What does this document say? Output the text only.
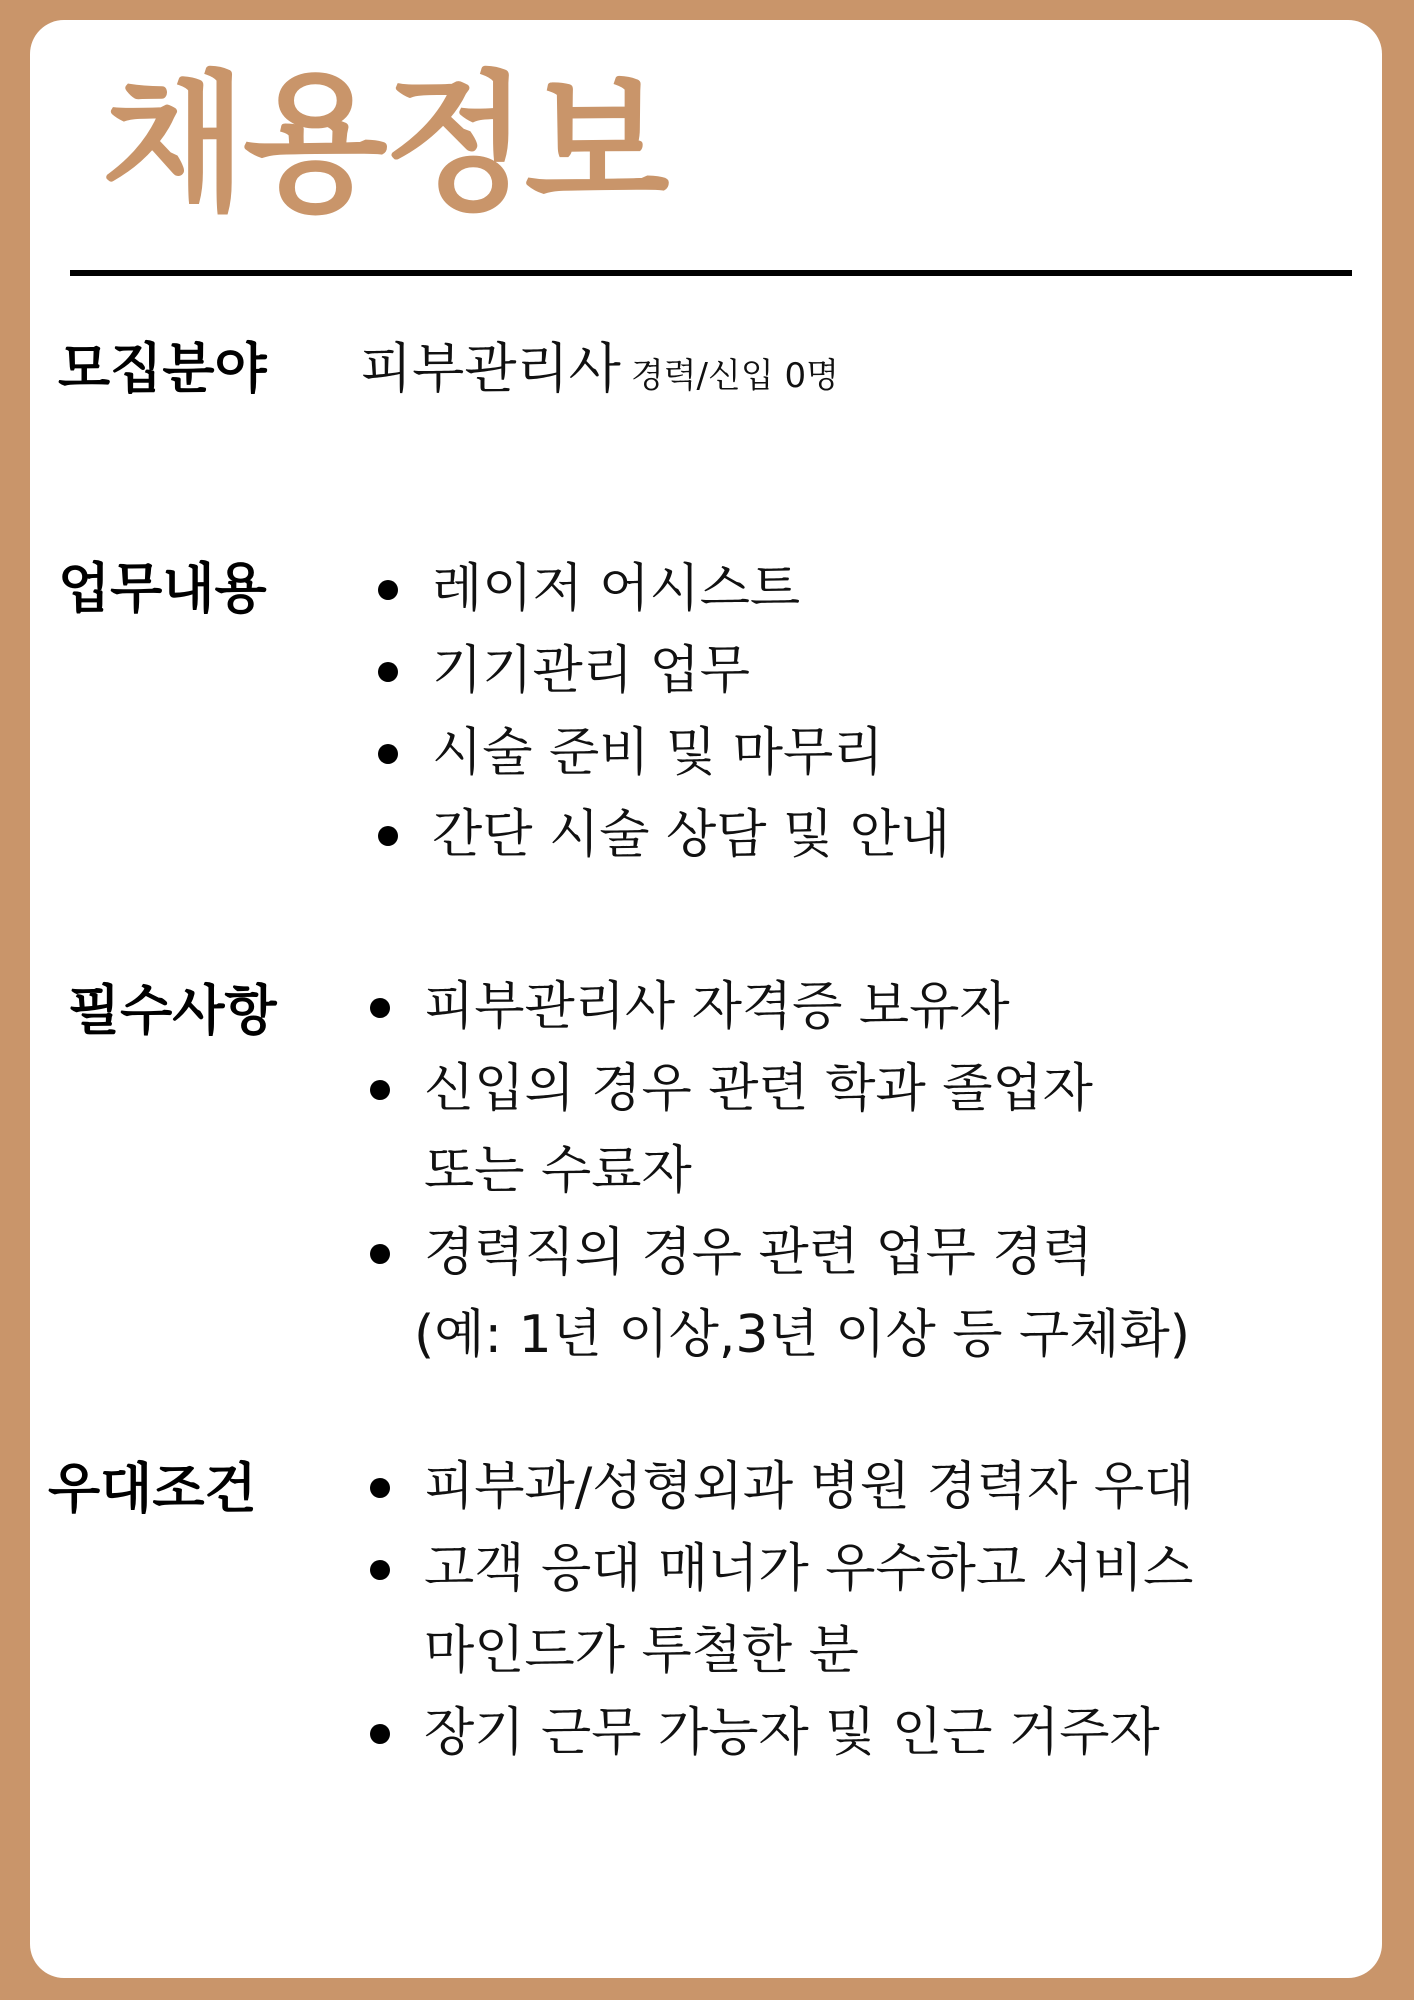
채용정보
모집분야 피부관리사 경력/신입 0명
업무내용	레이저 어시스트
기기관리 업무
시술 준비 및 마무리
간단 시술 상담 및 안내
필수사항	피부관리사 자격증 보유자
신입의 경우 관련 학과 졸업자
또는 수료자
경력직의 경우 관련 업무 경력
(예: 1년 이상,3년 이상 등 구체화)
우대조건	피부과/성형외과 병원 경력자 우대
고객 응대 매너가 우수하고 서비스
마인드가 투철한 분
장기 근무 가능자 및 인근 거주자
